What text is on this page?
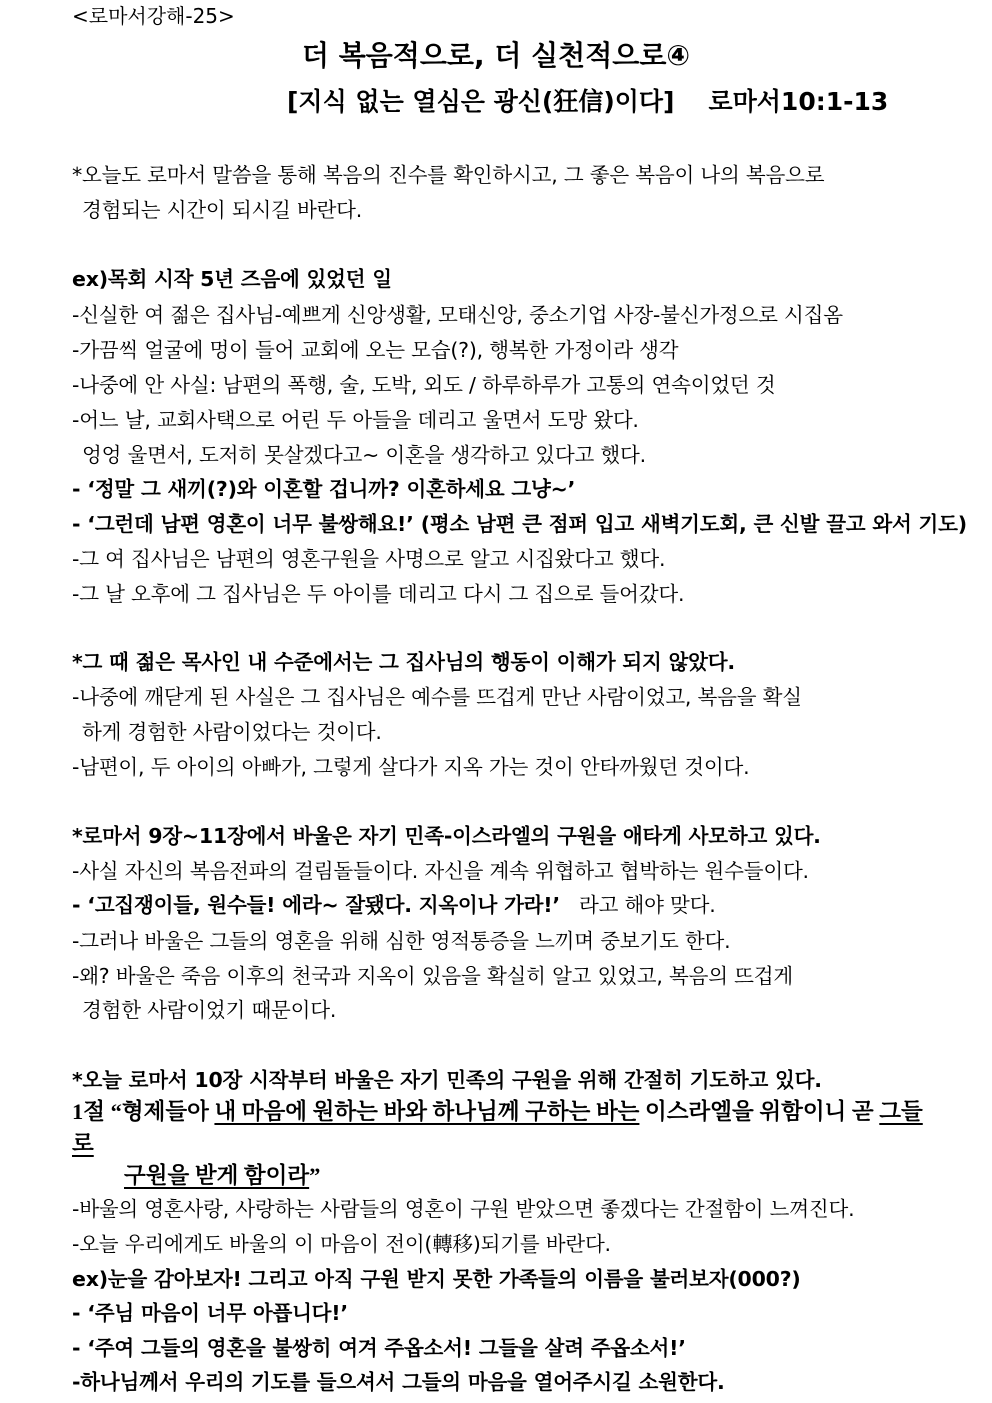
<로마서강해-25>
더 복음적으로, 더 실천적으로④
[지식 없는 열심은 광신(狂信)이다] 로마서10:1-13
*오늘도 로마서 말씀을 통해 복음의 진수를 확인하시고, 그 좋은 복음이 나의 복음으로
경험되는 시간이 되시길 바란다.
ex)목회 시작 5년 즈음에 있었던 일
-신실한 여 젊은 집사님-예쁘게 신앙생활, 모태신앙, 중소기업 사장-불신가정으로 시집옴
-가끔씩 얼굴에 멍이 들어 교회에 오는 모습(?), 행복한 가정이라 생각
-나중에 안 사실: 남편의 폭행, 술, 도박, 외도 / 하루하루가 고통의 연속이었던 것
-어느 날, 교회사택으로 어린 두 아들을 데리고 울면서 도망 왔다.
엉엉 울면서, 도저히 못살겠다고~ 이혼을 생각하고 있다고 했다.
- ‘정말 그 새끼(?)와 이혼할 겁니까? 이혼하세요 그냥~’
- ‘그런데 남편 영혼이 너무 불쌍해요!’ (평소 남편 큰 점퍼 입고 새벽기도회, 큰 신발 끌고 와서 기도)
-그 여 집사님은 남편의 영혼구원을 사명으로 알고 시집왔다고 했다.
-그 날 오후에 그 집사님은 두 아이를 데리고 다시 그 집으로 들어갔다.
*그 때 젊은 목사인 내 수준에서는 그 집사님의 행동이 이해가 되지 않았다.
-나중에 깨닫게 된 사실은 그 집사님은 예수를 뜨겁게 만난 사람이었고, 복음을 확실
하게 경험한 사람이었다는 것이다.
-남편이, 두 아이의 아빠가, 그렇게 살다가 지옥 가는 것이 안타까웠던 것이다.
*로마서 9장~11장에서 바울은 자기 민족-이스라엘의 구원을 애타게 사모하고 있다.
-사실 자신의 복음전파의 걸림돌들이다. 자신을 계속 위협하고 협박하는 원수들이다.
- ‘고집쟁이들, 원수들! 에라~ 잘됐다. 지옥이나 가라!’ 라고 해야 맞다.
-그러나 바울은 그들의 영혼을 위해 심한 영적통증을 느끼며 중보기도 한다.
-왜? 바울은 죽음 이후의 천국과 지옥이 있음을 확실히 알고 있었고, 복음의 뜨겁게
경험한 사람이었기 때문이다.
*오늘 로마서 10장 시작부터 바울은 자기 민족의 구원을 위해 간절히 기도하고 있다.
1절 “형제들아 내 마음에 원하는 바와 하나님께 구하는 바는 이스라엘을 위함이니 곧 그들로
구원을 받게 함이라”
-바울의 영혼사랑, 사랑하는 사람들의 영혼이 구원 받았으면 좋겠다는 간절함이 느껴진다.
-오늘 우리에게도 바울의 이 마음이 전이(轉移)되기를 바란다.
ex)눈을 감아보자! 그리고 아직 구원 받지 못한 가족들의 이름을 불러보자(000?)
- ‘주님 마음이 너무 아픕니다!’
- ‘주여 그들의 영혼을 불쌍히 여겨 주옵소서! 그들을 살려 주옵소서!’
-하나님께서 우리의 기도를 들으셔서 그들의 마음을 열어주시길 소원한다.
